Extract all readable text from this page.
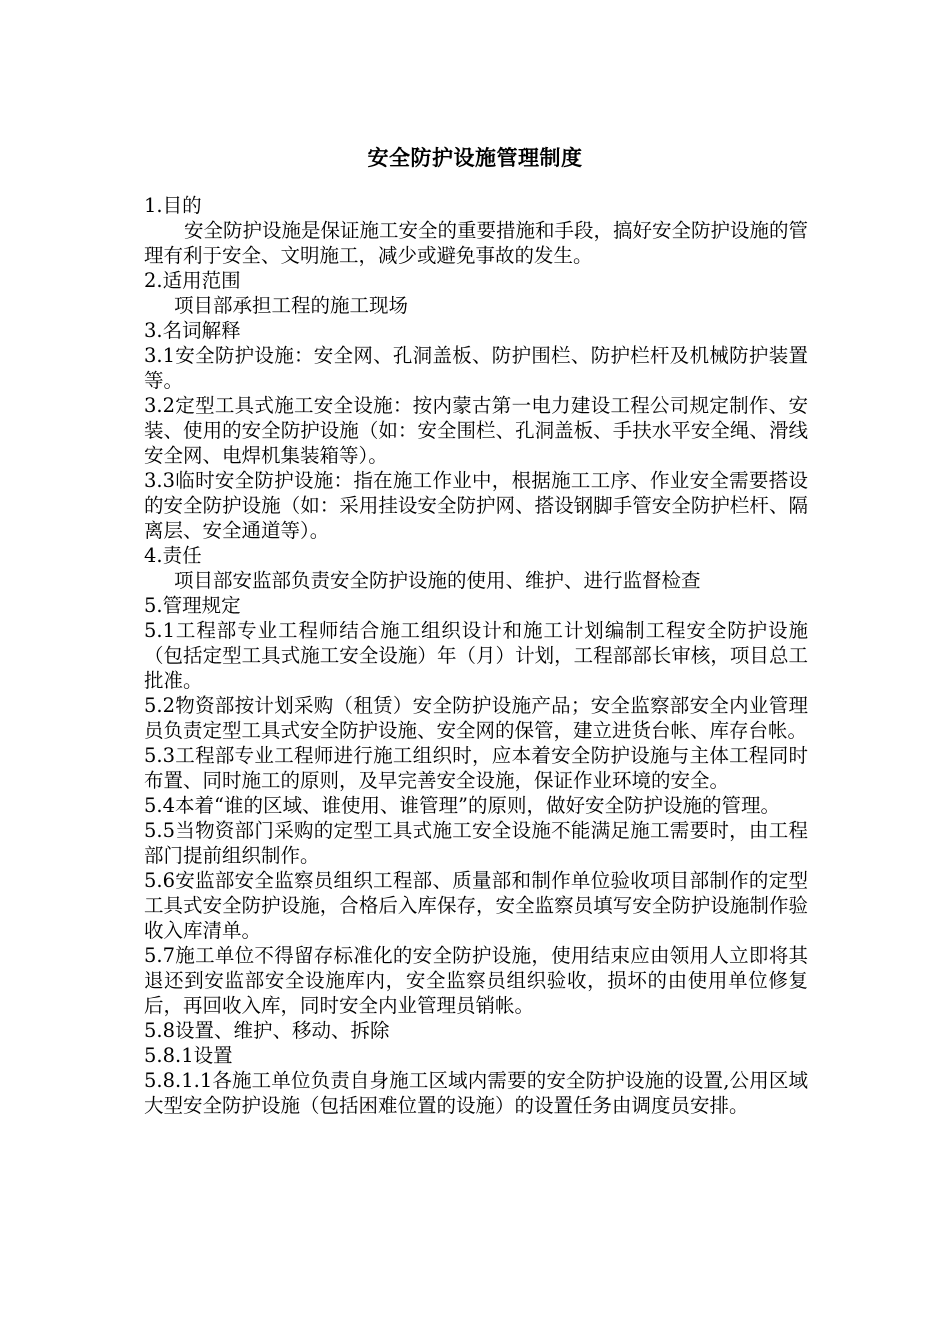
安全防护设施管理制度

1.目的

安全防护设施是保证施工安全的重要措施和手段，搞好安全防护设施的管理有利于安全、文明施工，减少或避免事故的发生。

2.适用范围

项目部承担工程的施工现场

3.名词解释

3.1安全防护设施：安全网、孔洞盖板、防护围栏、防护栏杆及机械防护装置等。

3.2定型工具式施工安全设施：按内蒙古第一电力建设工程公司规定制作、安装、使用的安全防护设施（如：安全围栏、孔洞盖板、手扶水平安全绳、滑线安全网、电焊机集装箱等）。

3.3临时安全防护设施：指在施工作业中，根据施工工序、作业安全需要搭设的安全防护设施（如：采用挂设安全防护网、搭设钢脚手管安全防护栏杆、隔离层、安全通道等）。

4.责任

项目部安监部负责安全防护设施的使用、维护、进行监督检查

5.管理规定

5.1工程部专业工程师结合施工组织设计和施工计划编制工程安全防护设施（包括定型工具式施工安全设施）年（月）计划，工程部部长审核，项目总工批准。

5.2物资部按计划采购（租赁）安全防护设施产品；安全监察部安全内业管理员负责定型工具式安全防护设施、安全网的保管，建立进货台帐、库存台帐。

5.3工程部专业工程师进行施工组织时，应本着安全防护设施与主体工程同时布置、同时施工的原则，及早完善安全设施，保证作业环境的安全。

5.4本着“谁的区域、谁使用、谁管理”的原则，做好安全防护设施的管理。

5.5当物资部门采购的定型工具式施工安全设施不能满足施工需要时，由工程部门提前组织制作。

5.6安监部安全监察员组织工程部、质量部和制作单位验收项目部制作的定型工具式安全防护设施，合格后入库保存，安全监察员填写安全防护设施制作验收入库清单。

5.7施工单位不得留存标准化的安全防护设施，使用结束应由领用人立即将其退还到安监部安全设施库内，安全监察员组织验收，损坏的由使用单位修复后，再回收入库，同时安全内业管理员销帐。

5.8设置、维护、移动、拆除

5.8.1设置

5.8.1.1各施工单位负责自身施工区域内需要的安全防护设施的设置,公用区域大型安全防护设施（包括困难位置的设施）的设置任务由调度员安排。
